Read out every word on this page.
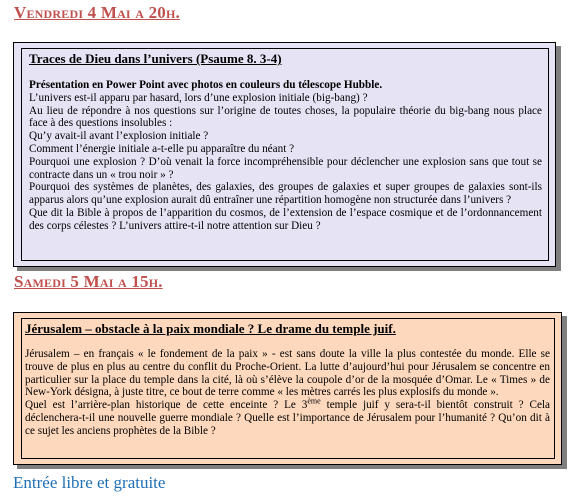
Vendredi 4 Mai a 20h.
Traces de Dieu dans l’univers (Psaume 8. 3-4)
Présentation en Power Point avec photos en couleurs du télescope Hubble.

L’univers est-il apparu par hasard, lors d’une explosion initiale (big-bang) ?

Au lieu de répondre à nos questions sur l’origine de toutes choses, la populaire théorie du big-bang nous place face à des questions insolubles :

Qu’y avait-il avant l’explosion initiale ?

Comment l’énergie initiale a-t-elle pu apparaître du néant ?

Pourquoi une explosion ? D’où venait la force incompréhensible pour déclencher une explosion sans que tout se contracte dans un « trou noir » ?

Pourquoi des systèmes de planètes, des galaxies, des groupes de galaxies et super groupes de galaxies sont-ils apparus alors qu’une explosion aurait dû entraîner une répartition homogène non structurée dans l’univers ?

Que dit la Bible à propos de l’apparition du cosmos, de l’extension de l’espace cosmique et de l’ordonnancement des corps célestes ? L’univers attire-t-il notre attention sur Dieu ?

Samedi 5 Mai a 15h.
Jérusalem – obstacle à la paix mondiale ? Le drame du temple juif.

Jérusalem – en français « le fondement de la paix » - est sans doute la ville la plus contestée du monde. Elle se trouve de plus en plus au centre du conflit du Proche-Orient. La lutte d’aujourd’hui pour Jérusalem se concentre en particulier sur la place du temple dans la cité, là où s’élève la coupole d’or de la mosquée d’Omar. Le « Times » de New-York désigna, à juste titre, ce bout de terre comme « les mètres carrés les plus explosifs du monde ».

Quel est l’arrière-plan historique de cette enceinte ? Le 3ème temple juif y sera-t-il bientôt construit ? Cela déclenchera-t-il une nouvelle guerre mondiale ? Quelle est l’importance de Jérusalem pour l’humanité ? Qu’on dit à ce sujet les anciens prophètes de la Bible ?

Entrée libre et gratuite
